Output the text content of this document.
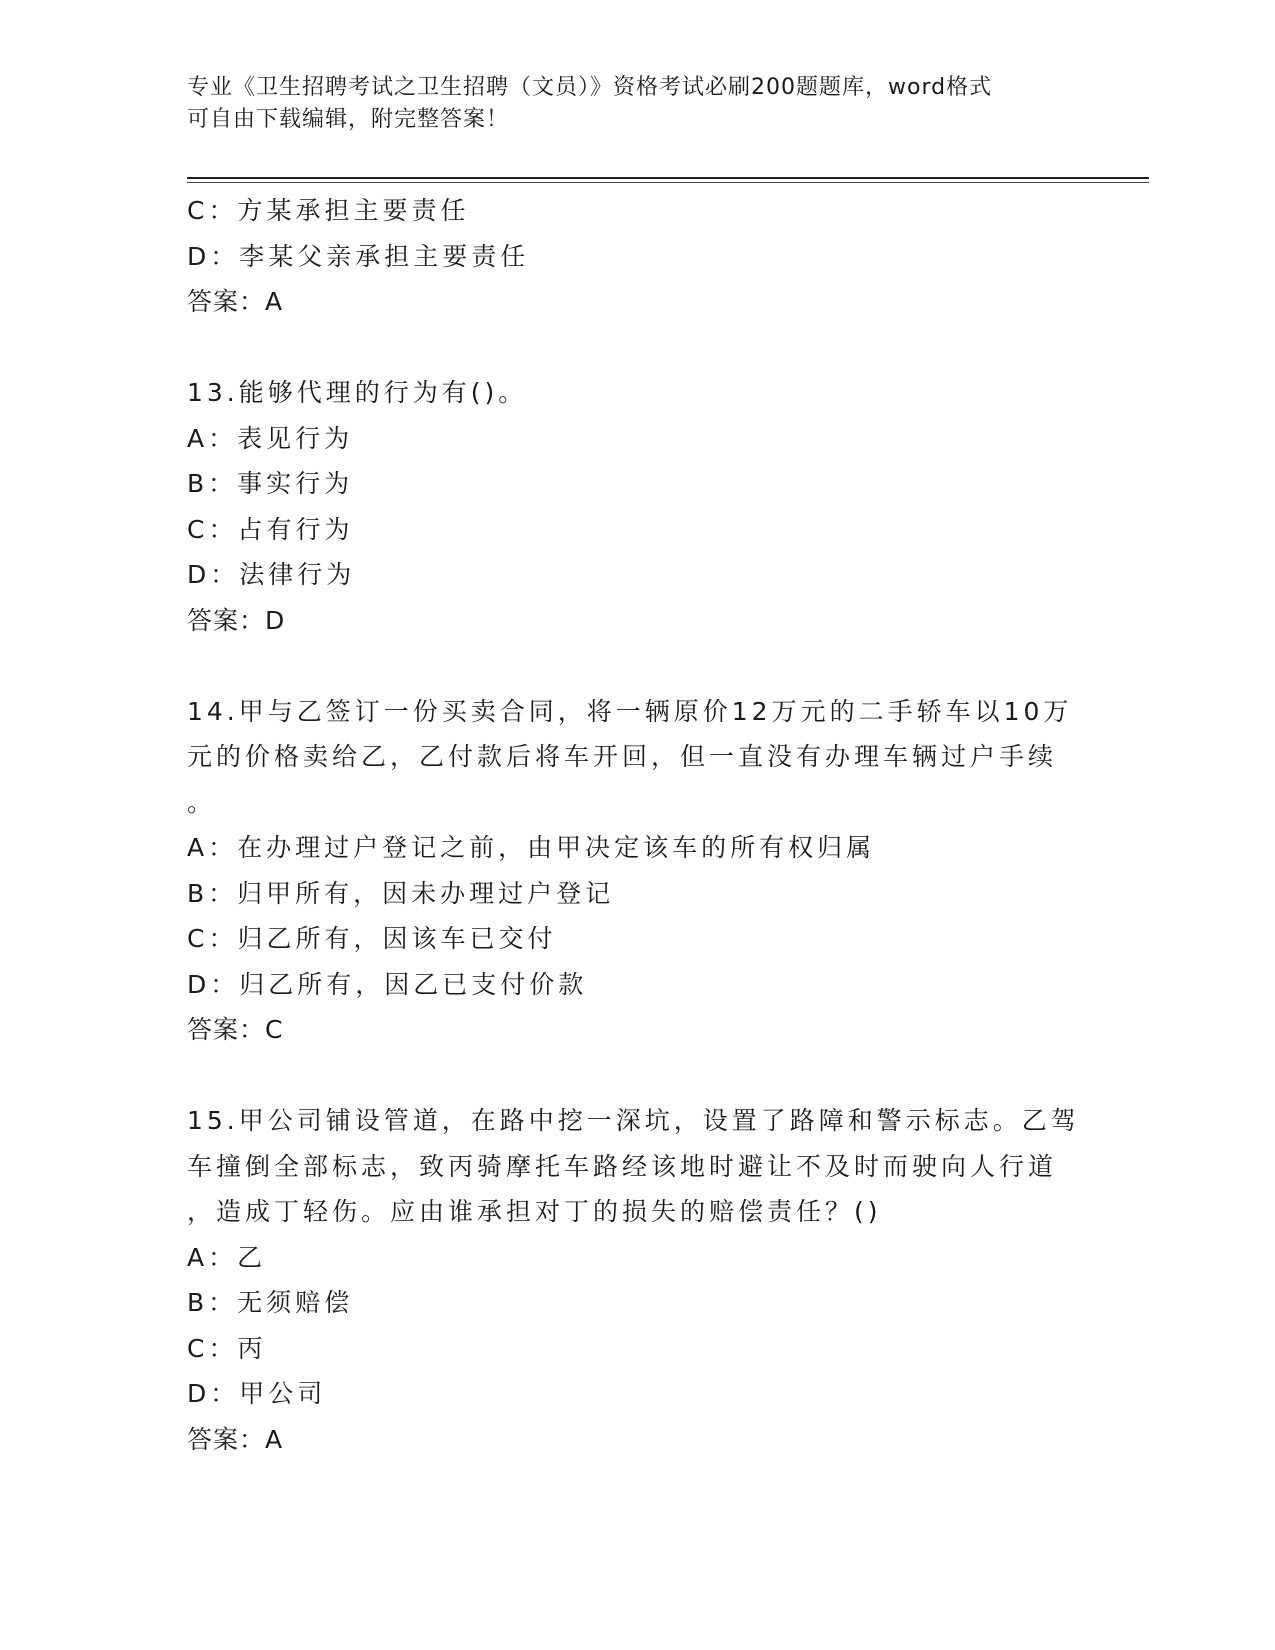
专业《卫生招聘考试之卫生招聘（文员）》资格考试必刷200题题库，word格式
可自由下载编辑，附完整答案！
C：方某承担主要责任
D：李某父亲承担主要责任
答案：A
13.能够代理的行为有()。
A：表见行为
B：事实行为
C：占有行为
D：法律行为
答案：D
14.甲与乙签订一份买卖合同，将一辆原价12万元的二手轿车以10万
元的价格卖给乙，乙付款后将车开回，但一直没有办理车辆过户手续
。
A：在办理过户登记之前，由甲决定该车的所有权归属
B：归甲所有，因未办理过户登记
C：归乙所有，因该车已交付
D：归乙所有，因乙已支付价款
答案：C
15.甲公司铺设管道，在路中挖一深坑，设置了路障和警示标志。乙驾
车撞倒全部标志，致丙骑摩托车路经该地时避让不及时而驶向人行道
，造成丁轻伤。应由谁承担对丁的损失的赔偿责任？()
A：乙
B：无须赔偿
C：丙
D：甲公司
答案：A
